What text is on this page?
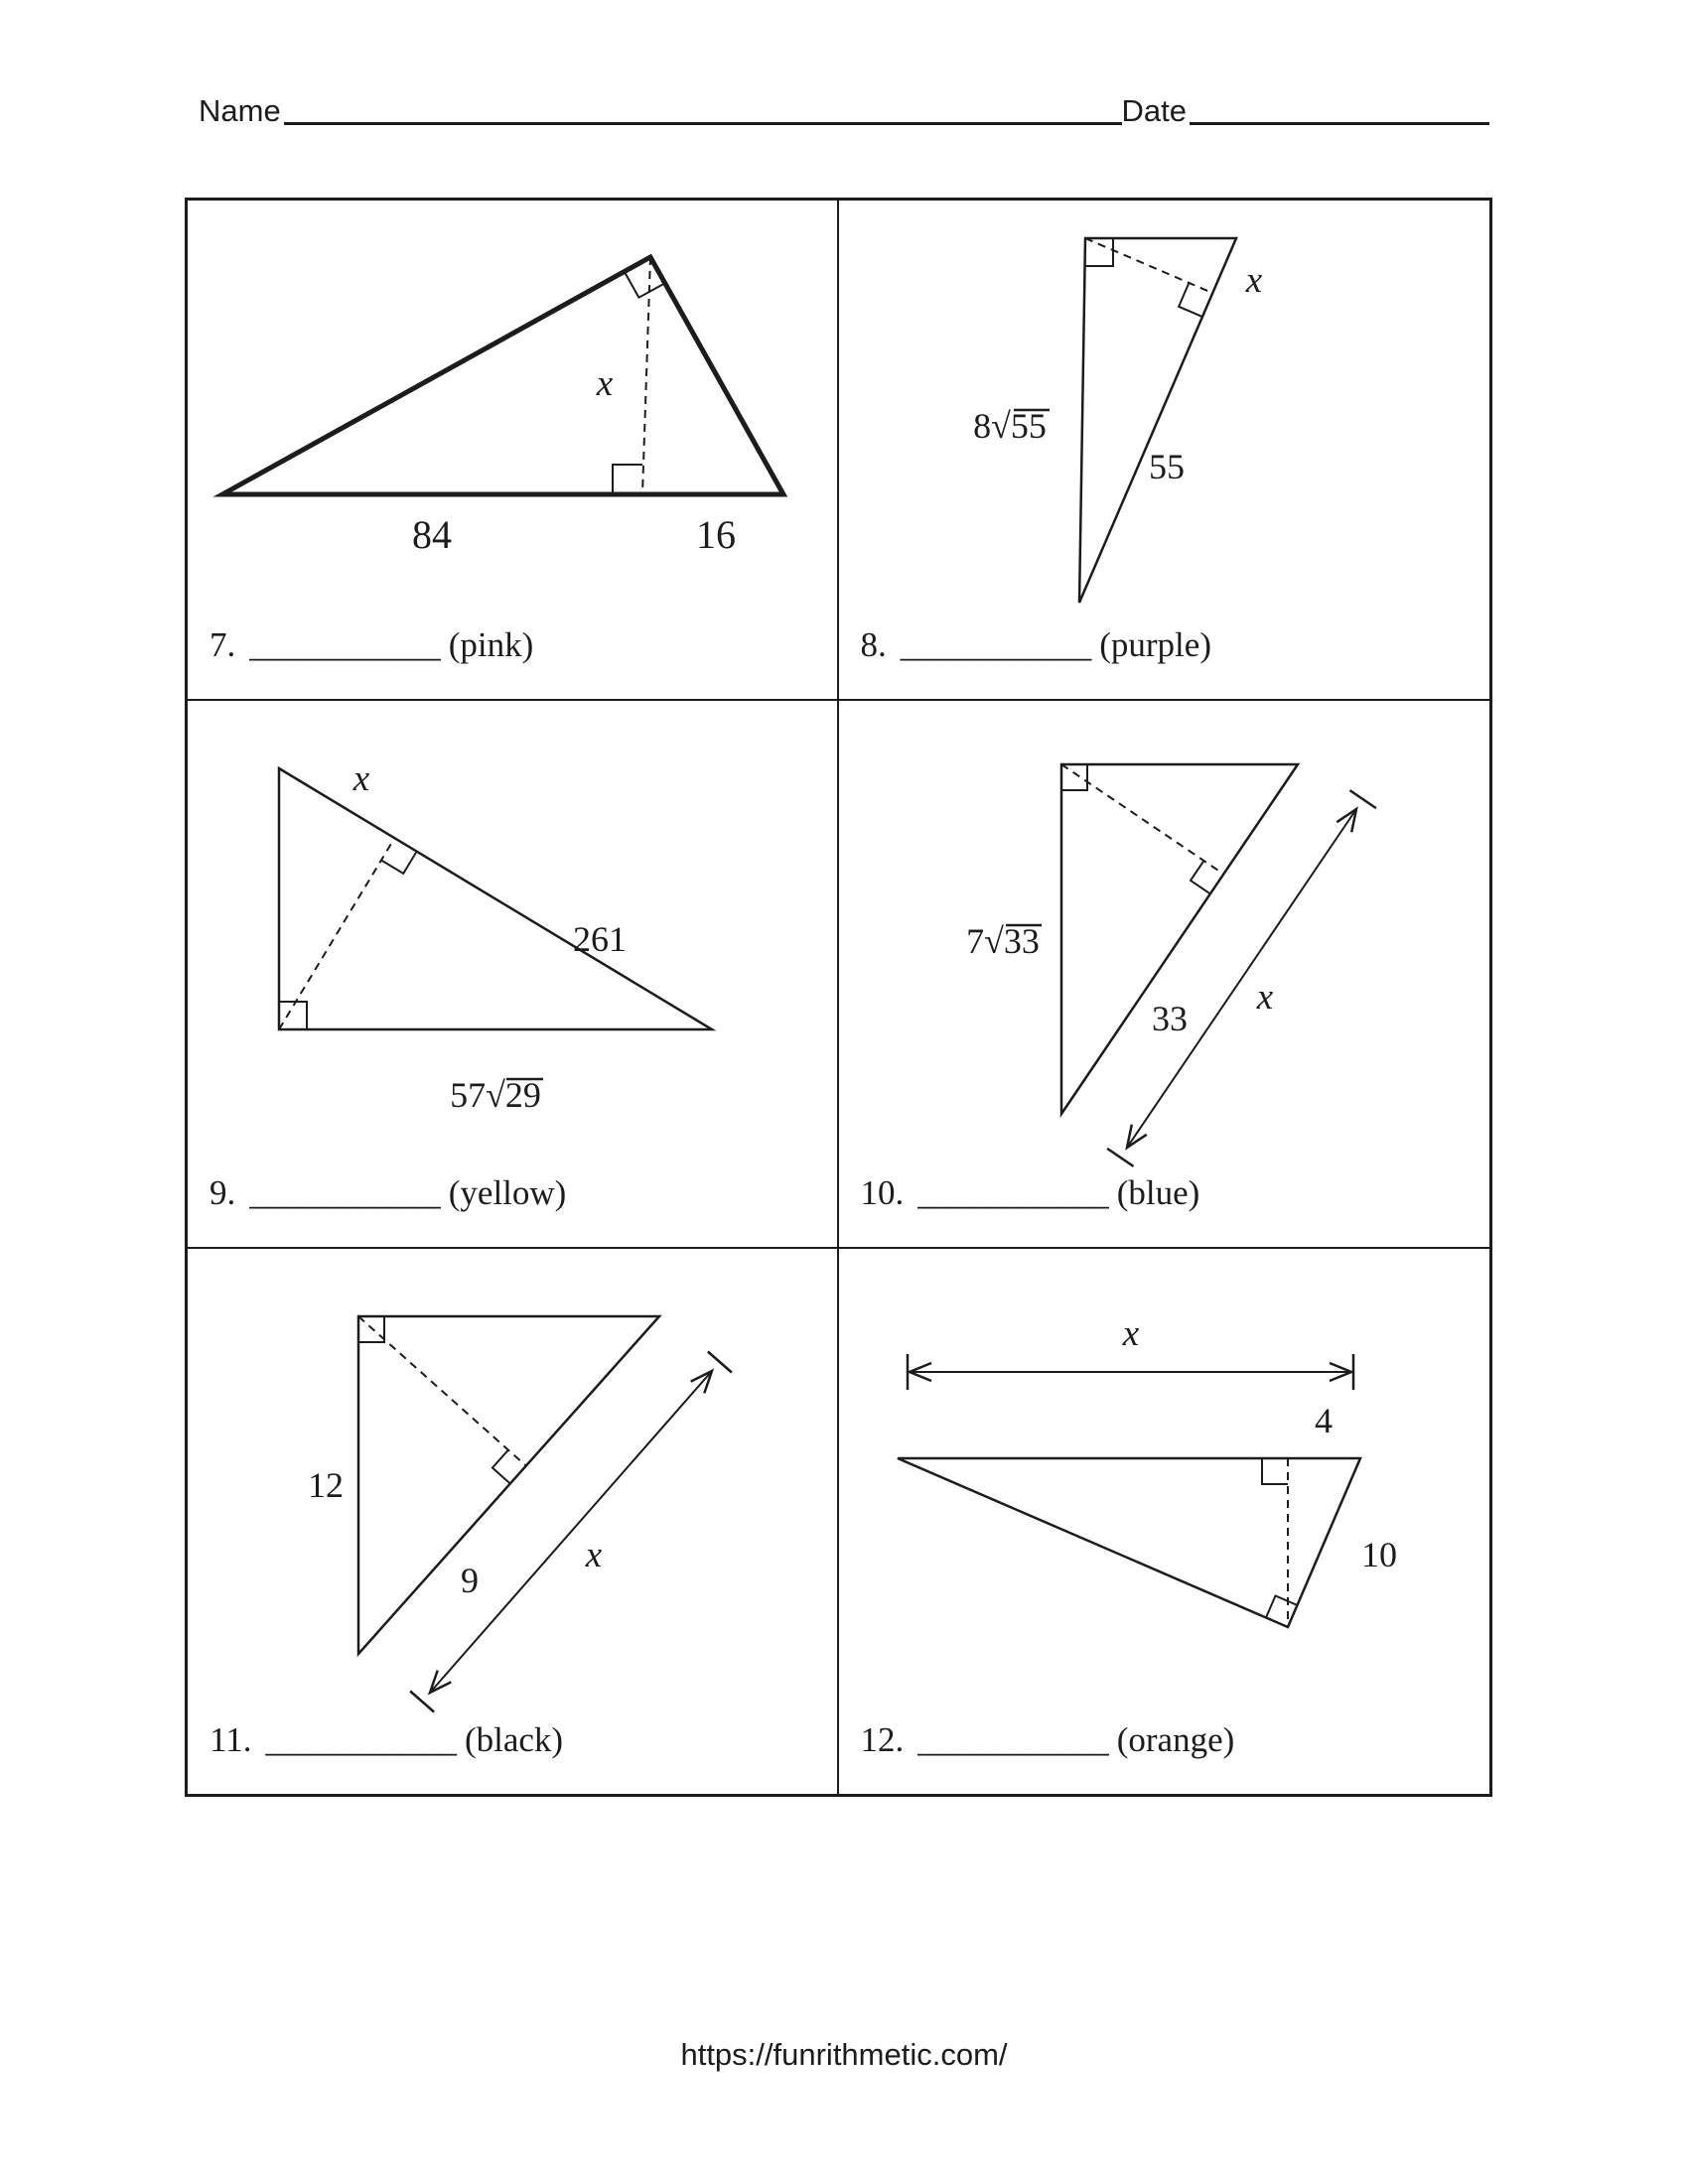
Name	Date
x
84	16
7. ___________ (pink)
x
8√55
55
8. ___________ (purple)
x
261
57√29
9. ___________ (yellow)
7√33
33
x
10. ___________ (blue)
12
9
x
11. ___________ (black)
x
4
10
12. ___________ (orange)
https://funrithmetic.com/
